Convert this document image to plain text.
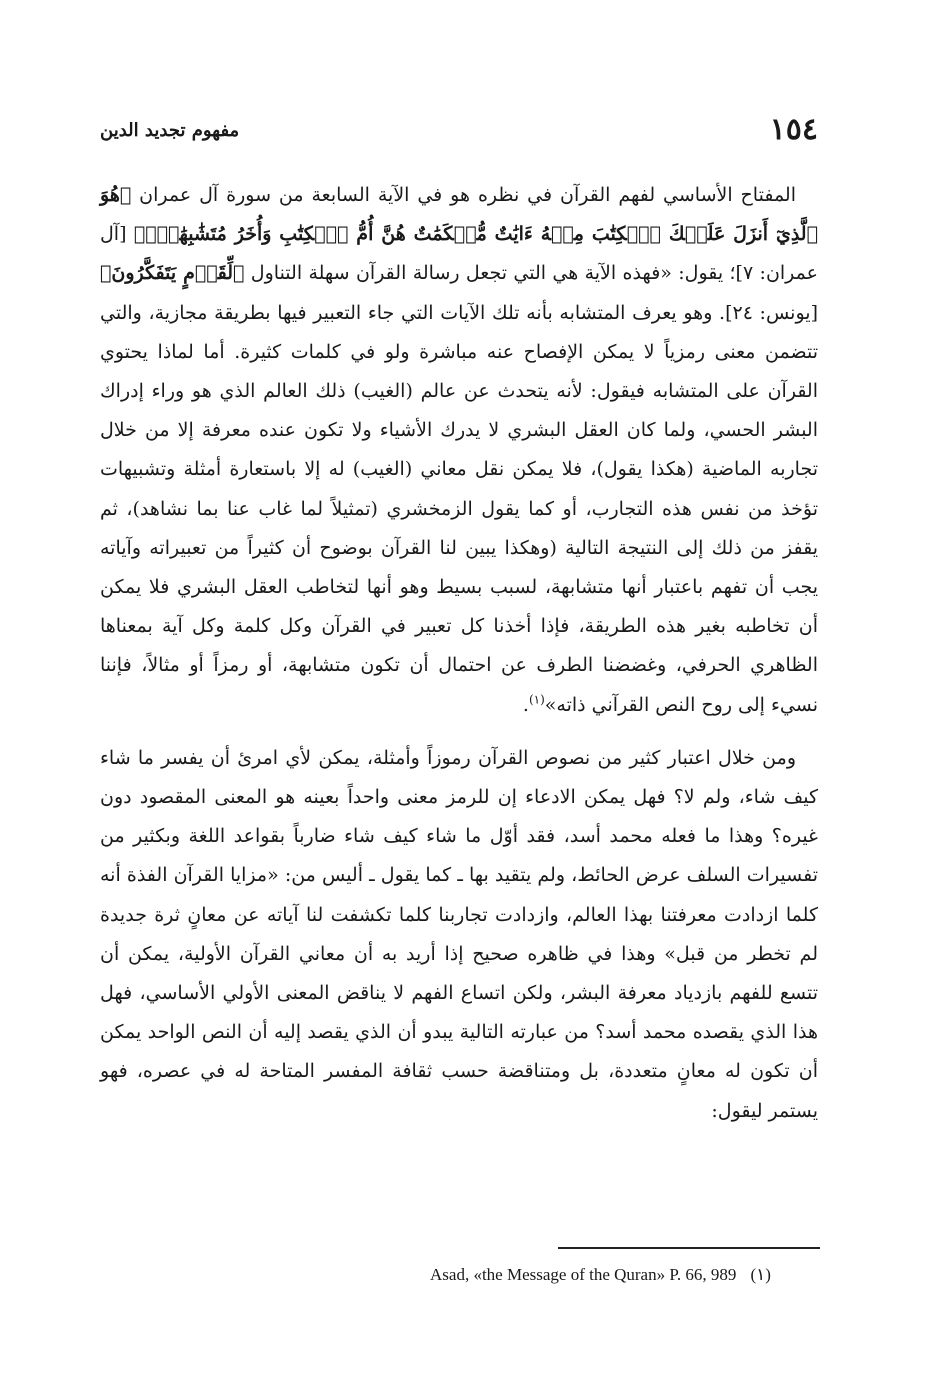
١٥٤
مفهوم تجديد الدين

المفتاح الأساسي لفهم القرآن في نظره هو في الآية السابعة من سورة آل عمران ﴿هُوَ ٱلَّذِيٓ أَنزَلَ عَلَيۡكَ ٱلۡكِتَٰبَ مِنۡهُ ءَايَٰتٌ مُّحۡكَمَٰتٌ هُنَّ أُمُّ ٱلۡكِتَٰبِ وَأُخَرُ مُتَشَٰبِهَٰتٌۖ﴾ [آل عمران: ٧]؛ يقول: «فهذه الآية هي التي تجعل رسالة القرآن سهلة التناول ﴿لِّقَوۡمٍ يَتَفَكَّرُونَ﴾ [يونس: ٢٤]. وهو يعرف المتشابه بأنه تلك الآيات التي جاء التعبير فيها بطريقة مجازية، والتي تتضمن معنى رمزياً لا يمكن الإفصاح عنه مباشرة ولو في كلمات كثيرة. أما لماذا يحتوي القرآن على المتشابه فيقول: لأنه يتحدث عن عالم (الغيب) ذلك العالم الذي هو وراء إدراك البشر الحسي، ولما كان العقل البشري لا يدرك الأشياء ولا تكون عنده معرفة إلا من خلال تجاربه الماضية (هكذا يقول)، فلا يمكن نقل معاني (الغيب) له إلا باستعارة أمثلة وتشبيهات تؤخذ من نفس هذه التجارب، أو كما يقول الزمخشري (تمثيلاً لما غاب عنا بما نشاهد)، ثم يقفز من ذلك إلى النتيجة التالية (وهكذا يبين لنا القرآن بوضوح أن كثيراً من تعبيراته وآياته يجب أن تفهم باعتبار أنها متشابهة، لسبب بسيط وهو أنها لتخاطب العقل البشري فلا يمكن أن تخاطبه بغير هذه الطريقة، فإذا أخذنا كل تعبير في القرآن وكل كلمة وكل آية بمعناها الظاهري الحرفي، وغضضنا الطرف عن احتمال أن تكون متشابهة، أو رمزاً أو مثالاً، فإننا نسيء إلى روح النص القرآني ذاته»$^{(١)}$.

ومن خلال اعتبار كثير من نصوص القرآن رموزاً وأمثلة، يمكن لأي امرئ أن يفسر ما شاء كيف شاء، ولم لا؟ فهل يمكن الادعاء إن للرمز معنى واحداً بعينه هو المعنى المقصود دون غيره؟ وهذا ما فعله محمد أسد، فقد أوّل ما شاء كيف شاء ضارباً بقواعد اللغة وبكثير من تفسيرات السلف عرض الحائط، ولم يتقيد بها ـ كما يقول ـ أليس من: «مزايا القرآن الفذة أنه كلما ازدادت معرفتنا بهذا العالم، وازدادت تجاربنا كلما تكشفت لنا آياته عن معانٍ ثرة جديدة لم تخطر من قبل» وهذا في ظاهره صحيح إذا أريد به أن معاني القرآن الأولية، يمكن أن تتسع للفهم بازدياد معرفة البشر، ولكن اتساع الفهم لا يناقض المعنى الأولي الأساسي، فهل هذا الذي يقصده محمد أسد؟ من عبارته التالية يبدو أن الذي يقصد إليه أن النص الواحد يمكن أن تكون له معانٍ متعددة، بل ومتناقضة حسب ثقافة المفسر المتاحة له في عصره، فهو يستمر ليقول:

Asad, «the Message of the Quran» P. 66, 989 (١)
